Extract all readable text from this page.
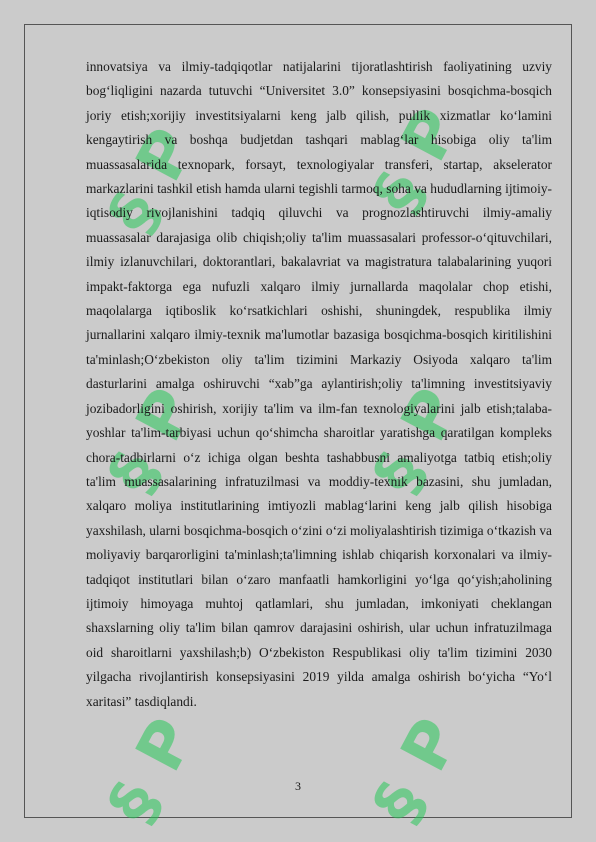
§ P § P
§ P § P
§ P § P
innovatsiya va ilmiy-tadqiqotlar natijalarini tijoratlashtirish faoliyatining uzviy bog‘liqligini nazarda tutuvchi “Universitet 3.0” konsepsiyasini bosqichma-bosqich joriy etish;xorijiy investitsiyalarni keng jalb qilish, pullik xizmatlar ko‘lamini kengaytirish va boshqa budjetdan tashqari mablag‘lar hisobiga oliy ta'lim muassasalarida texnopark, forsayt, texnologiyalar transferi, startap, akselerator markazlarini tashkil etish hamda ularni tegishli tarmoq, soha va hududlarning ijtimoiy-iqtisodiy rivojlanishini tadqiq qiluvchi va prognozlashtiruvchi ilmiy-amaliy muassasalar darajasiga olib chiqish;oliy ta'lim muassasalari professor-o‘qituvchilari, ilmiy izlanuvchilari, doktorantlari, bakalavriat va magistratura talabalarining yuqori impakt-faktorga ega nufuzli xalqaro ilmiy jurnallarda maqolalar chop etishi, maqolalarga iqtiboslik ko‘rsatkichlari oshishi, shuningdek, respublika ilmiy jurnallarini xalqaro ilmiy-texnik ma'lumotlar bazasiga bosqichma-bosqich kiritilishini ta'minlash;O‘zbekiston oliy ta'lim tizimini Markaziy Osiyoda xalqaro ta'lim dasturlarini amalga oshiruvchi “xab”ga aylantirish;oliy ta'limning investitsiyaviy jozibadorligini oshirish, xorijiy ta'lim va ilm-fan texnologiyalarini jalb etish;talaba-yoshlar ta'lim-tarbiyasi uchun qo‘shimcha sharoitlar yaratishga qaratilgan kompleks chora-tadbirlarni o‘z ichiga olgan beshta tashabbusni amaliyotga tatbiq etish;oliy ta'lim muassasalarining infratuzilmasi va moddiy-texnik bazasini, shu jumladan, xalqaro moliya institutlarining imtiyozli mablag‘larini keng jalb qilish hisobiga yaxshilash, ularni bosqichma-bosqich o‘zini o‘zi moliyalashtirish tizimiga o‘tkazish va moliyaviy barqarorligini ta'minlash;ta'limning ishlab chiqarish korxonalari va ilmiy-tadqiqot institutlari bilan o‘zaro manfaatli hamkorligini yo‘lga qo‘yish;aholining ijtimoiy himoyaga muhtoj qatlamlari, shu jumladan, imkoniyati cheklangan shaxslarning oliy ta'lim bilan qamrov darajasini oshirish, ular uchun infratuzilmaga oid sharoitlarni yaxshilash;b) O‘zbekiston Respublikasi oliy ta'lim tizimini 2030 yilgacha rivojlantirish konsepsiyasini 2019 yilda amalga oshirish bo‘yicha “Yo‘l xaritasi” tasdiqlandi.
3
